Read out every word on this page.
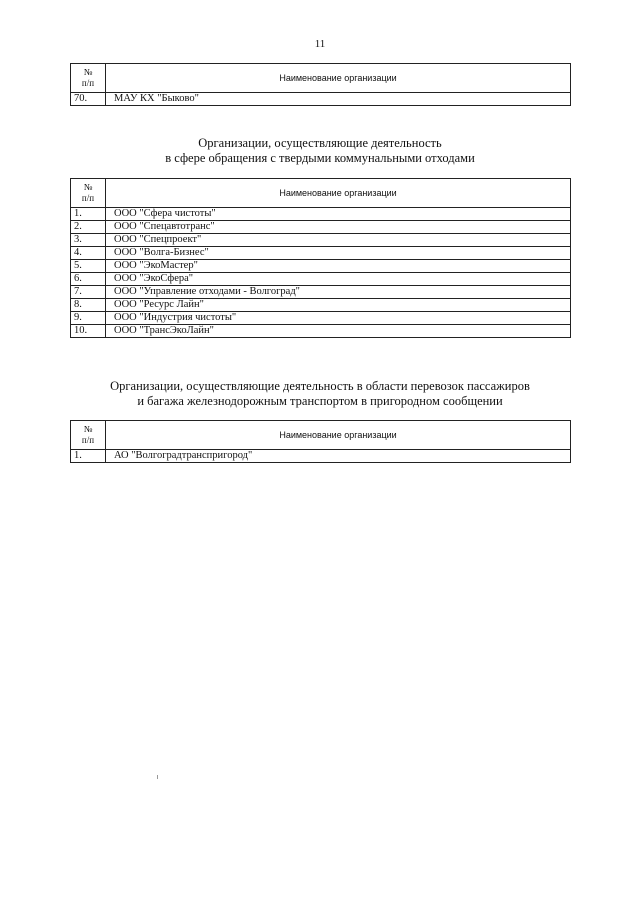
11
№
п/п	Наименование организации
70.	МАУ КХ "Быково"
Организации, осуществляющие деятельность
в сфере обращения с твердыми коммунальными отходами
№
п/п	Наименование организации
1.	ООО "Сфера чистоты"
2.	ООО "Спецавтотранс"
3.	ООО "Спецпроект"
4.	ООО "Волга-Бизнес"
5.	ООО "ЭкоМастер"
6.	ООО "ЭкоСфера"
7.	ООО "Управление отходами - Волгоград"
8.	ООО "Ресурс Лайн"
9.	ООО "Индустрия чистоты"
10.	ООО "ТрансЭкоЛайн"
Организации, осуществляющие деятельность в области перевозок пассажиров
и багажа железнодорожным транспортом в пригородном сообщении
№
п/п	Наименование организации
1.	АО "Волгоградтранспригород"
